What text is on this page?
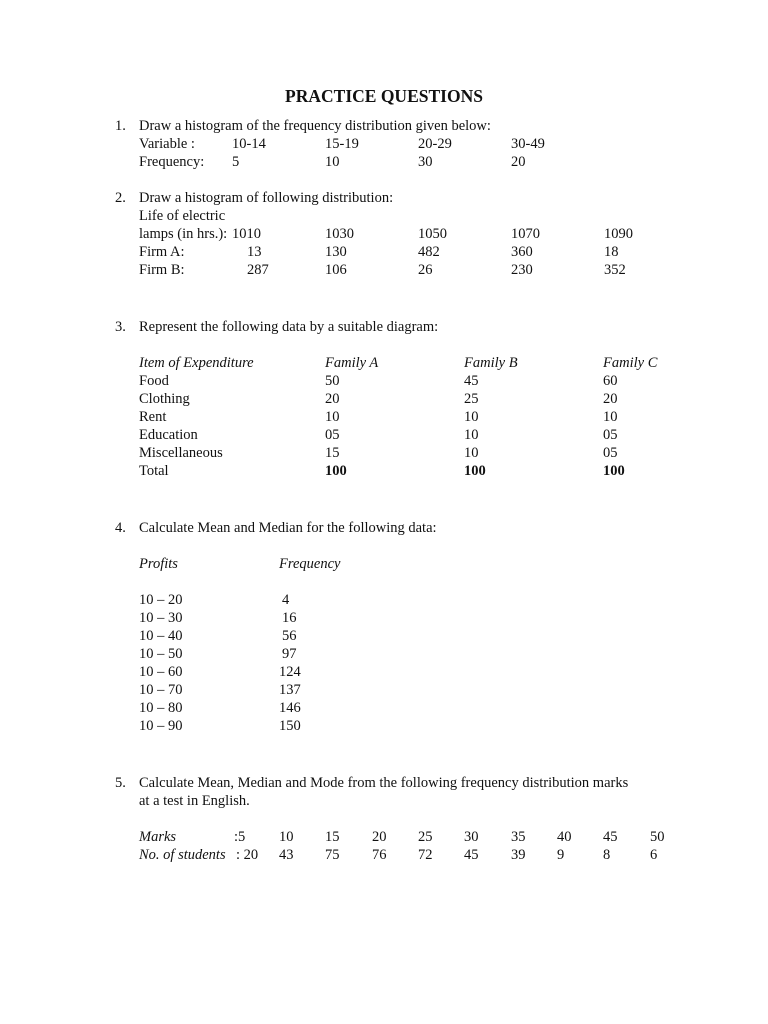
PRACTICE QUESTIONS
1. Draw a histogram of the frequency distribution given below:
Variable :	10-14	15-19	20-29	30-49
Frequency: 5	10	30	20
2. Draw a histogram of following distribution:
Life of electric
lamps (in hrs.): 1010	1030	1050	1070	1090
Firm A:	13	130	482	360	18
Firm B:	287	106	26	230	352
3. Represent the following data by a suitable diagram:
Item of Expenditure	Family A	Family B	Family C
Food	50	45	60
Clothing	20	25	20
Rent	10	10	10
Education	05	10	05
Miscellaneous	15	10	05
Total	100	100	100
4. Calculate Mean and Median for the following data:
Profits	Frequency
10 – 20	4
10 – 30	16
10 – 40	56
10 – 50	97
10 – 60	124
10 – 70	137
10 – 80	146
10 – 90	150
5. Calculate Mean, Median and Mode from the following frequency distribution marks
at a test in English.
Marks	:5 10 15 20 25 30 35 40 45 50
No. of students : 20 43 75 76 72 45 39 9	8	6
